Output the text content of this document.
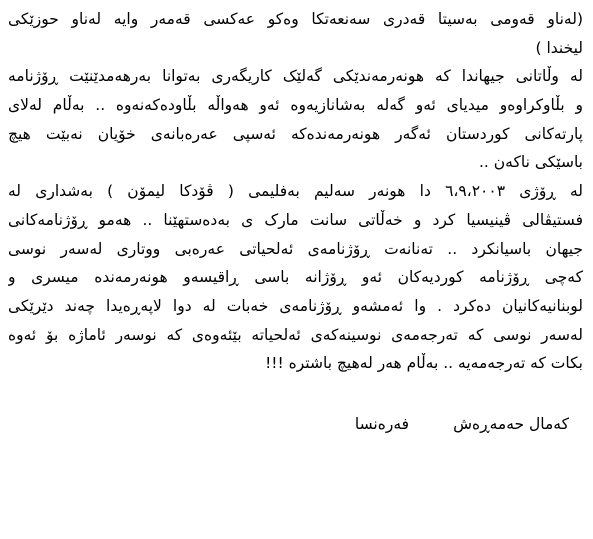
(لەناو قەومی بەسیتا قەدری سەنعەتکا وەکو عەکسی قەمەر وایە لەناو حوزێکی
لیخندا )
لە وڵاتانی جیهاندا کە هونەرمەندێکی گەلێک کاریگەری بەتوانا بەرهەمدێنێت ڕۆژنامە
و بڵاوکراوەو میدیای ئەو گەلە بەشانازیەوە ئەو هەواڵە بڵاودەکەنەوە .. بەڵام لەلای
پارتەکانی کوردستان ئەگەر هونەرمەندەکە ئەسپی عەرەبانەی خۆیان نەبێت هیچ
باسێکی ناکەن ..
لە ڕۆژی ٦،٩،٢٠٠٣ دا هونەر سەلیم بەفلیمی ( ڤۆدکا لیمۆن ) بەشداری لە
فستیڤالی ڤینیسیا کرد و خەڵاتی سانت مارک ی بەدەستهێنا .. هەمو ڕۆژنامەکانی
جیهان باسیانکرد .. تەنانەت ڕۆژنامەی ئەلحیاتی عەرەبی ووتاری لەسەر نوسی
کەچی ڕۆژنامە کوردیەکان ئەو ڕۆژانە باسی ڕاقیسەو هونەرمەندە میسری و
لوبنانیەکانیان دەکرد . وا ئەمشەو ڕۆژنامەی خەبات لە دوا لاپەڕەیدا چەند دێرێکی
لەسەر نوسی کە تەرجەمەی نوسینەکەی ئەلحیاتە بێئەوەی کە نوسەر ئاماژە بۆ ئەوە
بکات کە تەرجەمەیە .. بەڵام هەر لەهیچ باشترە !!!
کەمال حەمەڕەش
فەرەنسا
